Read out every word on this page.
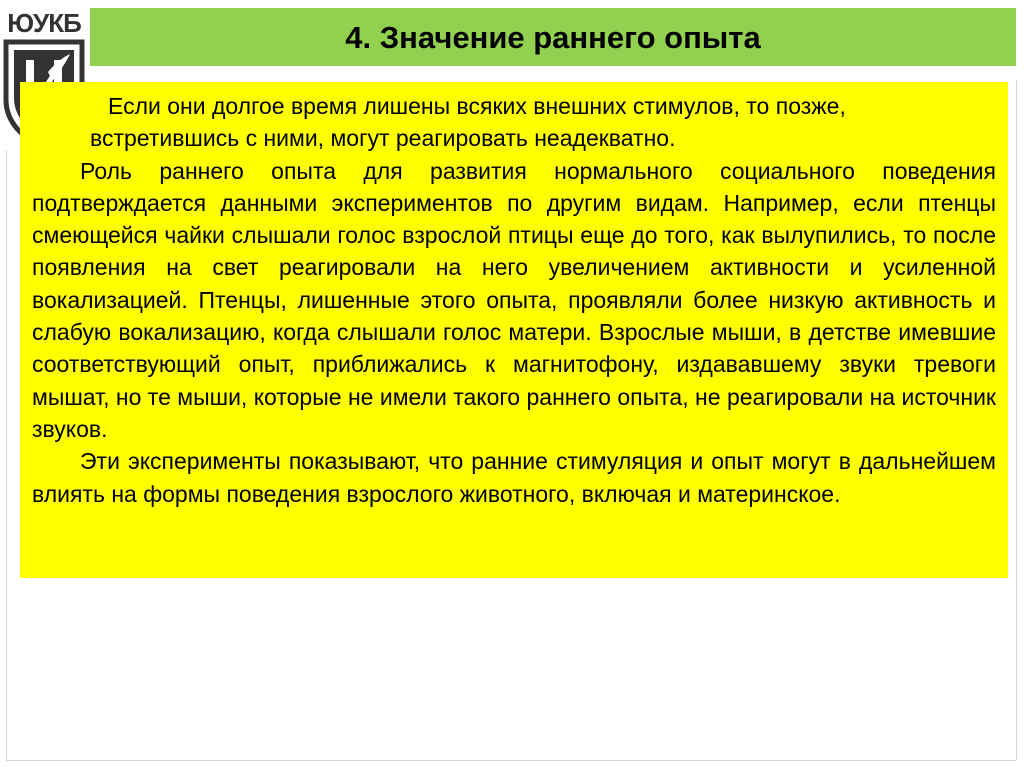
ЮУКБ	4. Значение раннего опыта

Если они долгое время лишены всяких внешних стимулов, то позже,

встретившись с ними, могут реагировать неадекватно.

Роль раннего опыта для развития нормального социального поведения подтверждается данными экспериментов по другим видам. Например, если птенцы смеющейся чайки слышали голос взрослой птицы еще до того, как вылупились, то после появления на свет реагировали на него увеличением активности и усиленной вокализацией. Птенцы, лишенные этого опыта, проявляли более низкую активность и слабую вокализацию, когда слышали голос матери. Взрослые мыши, в детстве имевшие соответствующий опыт, приближались к магнитофону, издававшему звуки тревоги мышат, но те мыши, которые не имели такого раннего опыта, не реагировали на источник звуков.

Эти эксперименты показывают, что ранние стимуляция и опыт могут в дальнейшем влиять на формы поведения взрослого животного, включая и материнское.
